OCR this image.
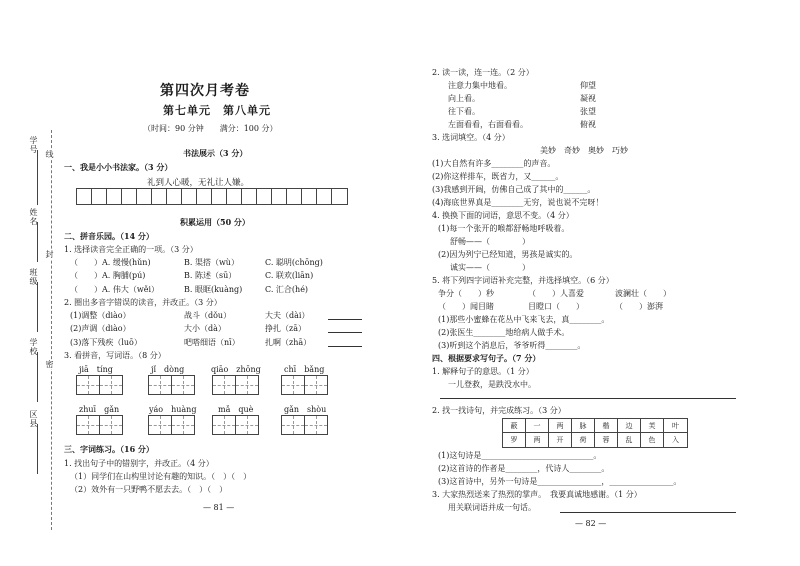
学号
姓名
班级
学校
区县
线
封
密
第四次月考卷
第七单元　第八单元
（时间：90 分钟　　满分：100 分）
书法展示（3 分）
一、我是小小书法家。（3 分）
礼到人心暖，无礼让人嫌。
积累运用（50 分）
二、拼音乐园。（14 分）
1. 选择读音完全正确的一项。（3 分）
（　　）A. 缓慢(hǔn)	B. 渠搭（wù）	C. 聪明(chōng)
（　　）A. 胸脯(pú)	B. 陈述（sū）	C. 联欢(liān)
（　　）A. 伟大（wěi）	B. 眼眶(kuàng)	C. 汇合(hé)
2. 圈出多音字错误的读音，并改正。（3 分）
(1)调整（diào）	战斗（dǒu）	大夫（dài）
(2)声调（diào）	大小（dà）	挣扎（zā）
(3)落下残疾（luō）	吧嗒细语（nī）	扎啊（zhā）
3. 看拼音，写词语。（8 分）
jiā　tíng	jǐ　dòng	qiāo　zhōng	chī　bǎng
zhuī　gǎn	yáo　huàng	mǎ　què	gǎn　shòu
三、字词练习。（16 分）
1. 找出句子中的错别字，并改正。（4 分）
（1）同学们在山构里讨论有趣的知识。（　）（　）
（2）效外有一只野鸭不愿去去。（　）（　）
— 81 —
2. 读一读，连一连。（2 分）
注意力集中地看。
向上看。
往下看。
左面看看，右面看看。
仰望
凝视
张望
俯视
3. 选词填空。（4 分）
美妙　奇妙　奥妙　巧妙
(1)大自然有许多________的声音。
(2)你这样排车，既省力，又______。
(3)我感到开阔，仿佛自己成了其中的______。
(4)海底世界真是________无穷，说也说不完呀！
4. 换换下面的词语，意思不变。（4 分）
(1)每一个张开的喉都舒畅地呼吸着。
舒畅——（　　　　）
(2)因为列宁已经知道，男孩是诚实的。
诚实——（　　　　）
5. 将下列四字词语补充完整，并选择填空。（6 分）
争分（　　）秒	（　　）人喜爱	波澜壮（　　）
（　　）闻目睹	目瞪口（　　）	（　　）澎湃
(1)那些小蜜蜂在花丛中飞来飞去，真________。
(2)张医生________地给病人做手术。
(3)听到这个消息后，爷爷听得________。
四、根据要求写句子。（7 分）
1. 解释句子的意思。（1 分）
一儿登救，是跌没水中。
2. 找一找诗句，并完成练习。（3 分）
蔽	一	两	脉	楷	边	芙	叶
罗	两	开	荷	蓉	乱	色	入
(1)这句诗是____________________________。
(2)这首诗的作者是________，代诗人________。
(3)这首诗中，另外一句诗是________________，________________。
3. 大家热烈送来了热烈的掌声。　我要真诚地感谢。（1 分）
用关联词语并成一句话。
— 82 —
